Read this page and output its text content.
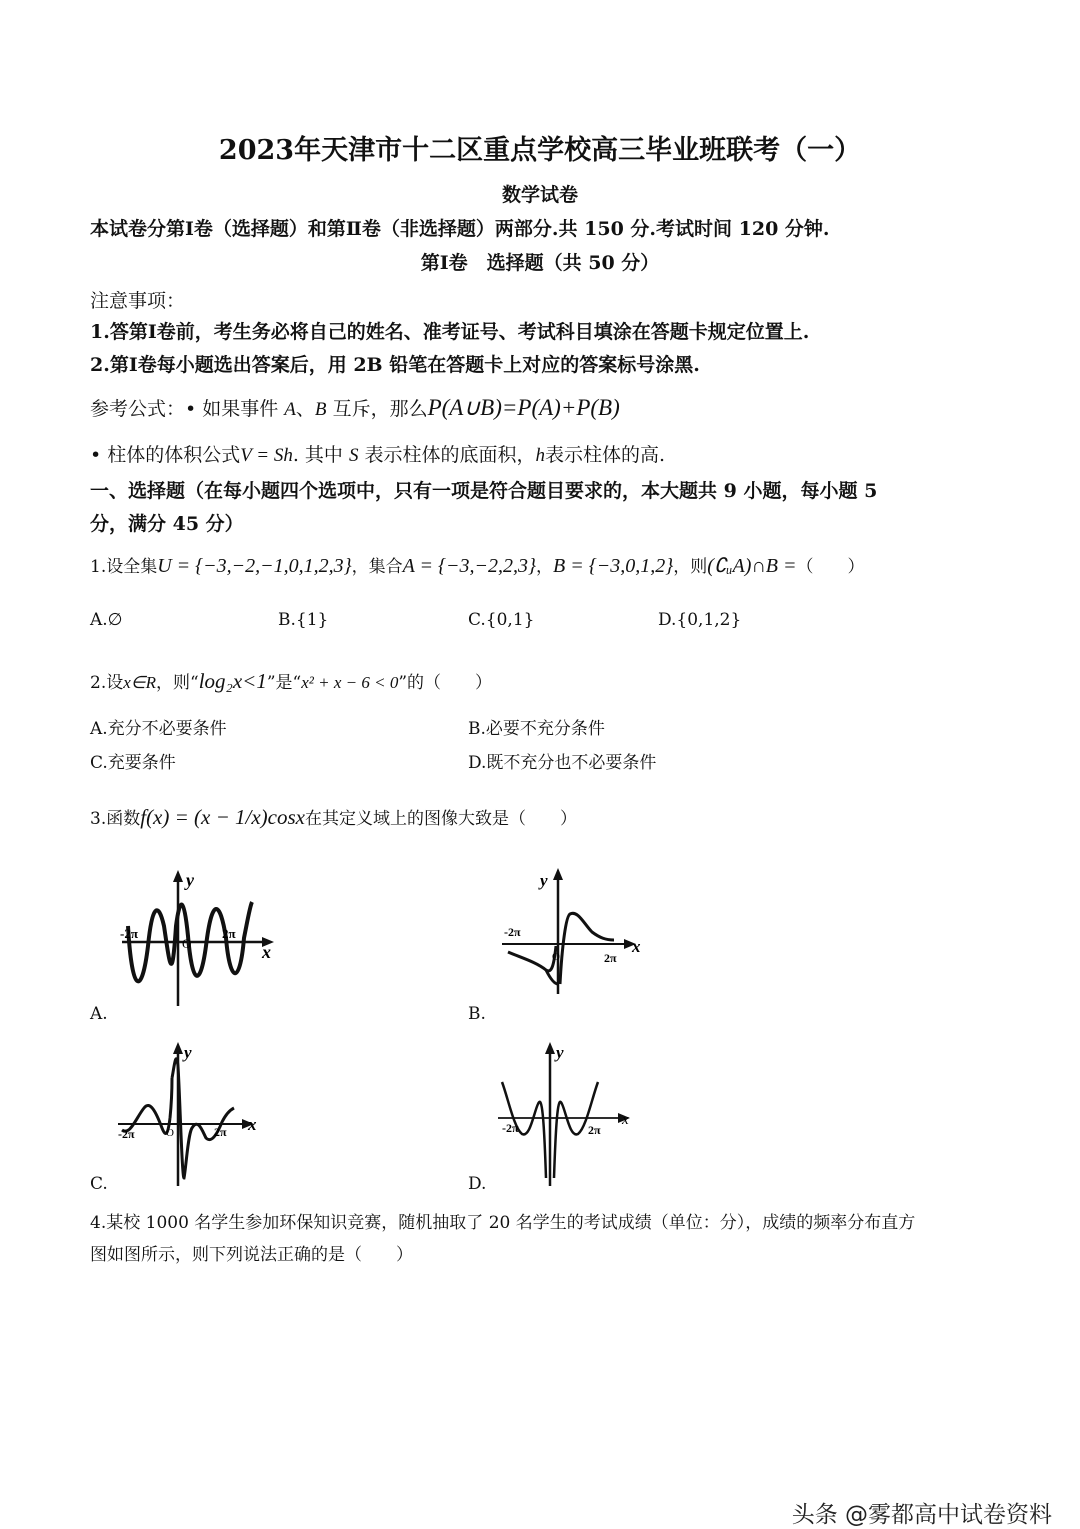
2023年天津市十二区重点学校高三毕业班联考（一）
数学试卷
本试卷分第Ⅰ卷（选择题）和第Ⅱ卷（非选择题）两部分.共 150 分.考试时间 120 分钟.
第Ⅰ卷　选择题（共 50 分）
注意事项：
1.答第Ⅰ卷前，考生务必将自己的姓名、准考证号、考试科目填涂在答题卡规定位置上.
2.第Ⅰ卷每小题选出答案后，用 2B 铅笔在答题卡上对应的答案标号涂黑.
参考公式：• 如果事件 A、B 互斥，那么P(A∪B)=P(A)+P(B)
• 柱体的体积公式V = Sh. 其中 S 表示柱体的底面积，h表示柱体的高.
一、选择题（在每小题四个选项中，只有一项是符合题目要求的，本大题共 9 小题，每小题 5
分，满分 45 分）
1.设全集U = {−3,−2,−1,0,1,2,3}，集合A = {−3,−2,2,3}，B = {−3,0,1,2}，则(∁ᵤA)∩B =（　　）
A.∅	B.{1}	C.{0,1}	D.{0,1,2}
2.设x∈R，则“log₂x<1”是“x² + x − 6 < 0”的（　　）
A.充分不必要条件	B.必要不充分条件
C.充要条件	D.既不充分也不必要条件
3.函数f(x) = (x − 1/x)cosx在其定义域上的图像大致是（　　）
-2π	2π
O
y
x
A.
-2π
2π
O
y
x
B.
-2π	2π
O
y
x
C.
-2π	2π
y
x
D.
4.某校 1000 名学生参加环保知识竞赛，随机抽取了 20 名学生的考试成绩（单位：分），成绩的频率分布直方
图如图所示，则下列说法正确的是（　　）
头条 @雾都高中试卷资料
